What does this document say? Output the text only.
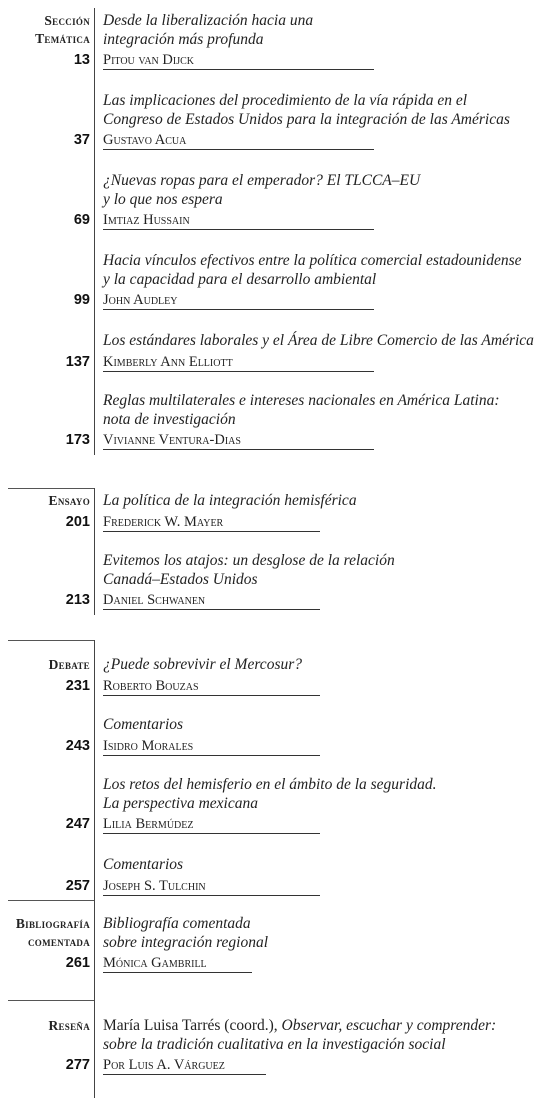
Sección
Temática
Desde la liberalización hacia una
integración más profunda
13 Pitou van Dijck
Las implicaciones del procedimiento de la vía rápida en el
Congreso de Estados Unidos para la integración de las Américas
37 Gustavo Acua
¿Nuevas ropas para el emperador? El TLCCA–EU
y lo que nos espera
69 Imtiaz Hussain
Hacia vínculos efectivos entre la política comercial estadounidense
y la capacidad para el desarrollo ambiental
99 John Audley
Los estándares laborales y el Área de Libre Comercio de las América
137 Kimberly Ann Elliott
Reglas multilaterales e intereses nacionales en América Latina:
nota de investigación
173 Vivianne Ventura-Dias
Ensayo La política de la integración hemisférica
201 Frederick W. Mayer
Evitemos los atajos: un desglose de la relación
Canadá–Estados Unidos
213 Daniel Schwanen
Debate ¿Puede sobrevivir el Mercosur?
231 Roberto Bouzas
Comentarios
243 Isidro Morales
Los retos del hemisferio en el ámbito de la seguridad.
La perspectiva mexicana
247 Lilia Bermúdez
Comentarios
257 Joseph S. Tulchin
Bibliografía
comentada
Bibliografía comentada
sobre integración regional
261 Mónica Gambrill
Reseña María Luisa Tarrés (coord.), Observar, escuchar y comprender:
sobre la tradición cualitativa en la investigación social
277 Por Luis A. Várguez
